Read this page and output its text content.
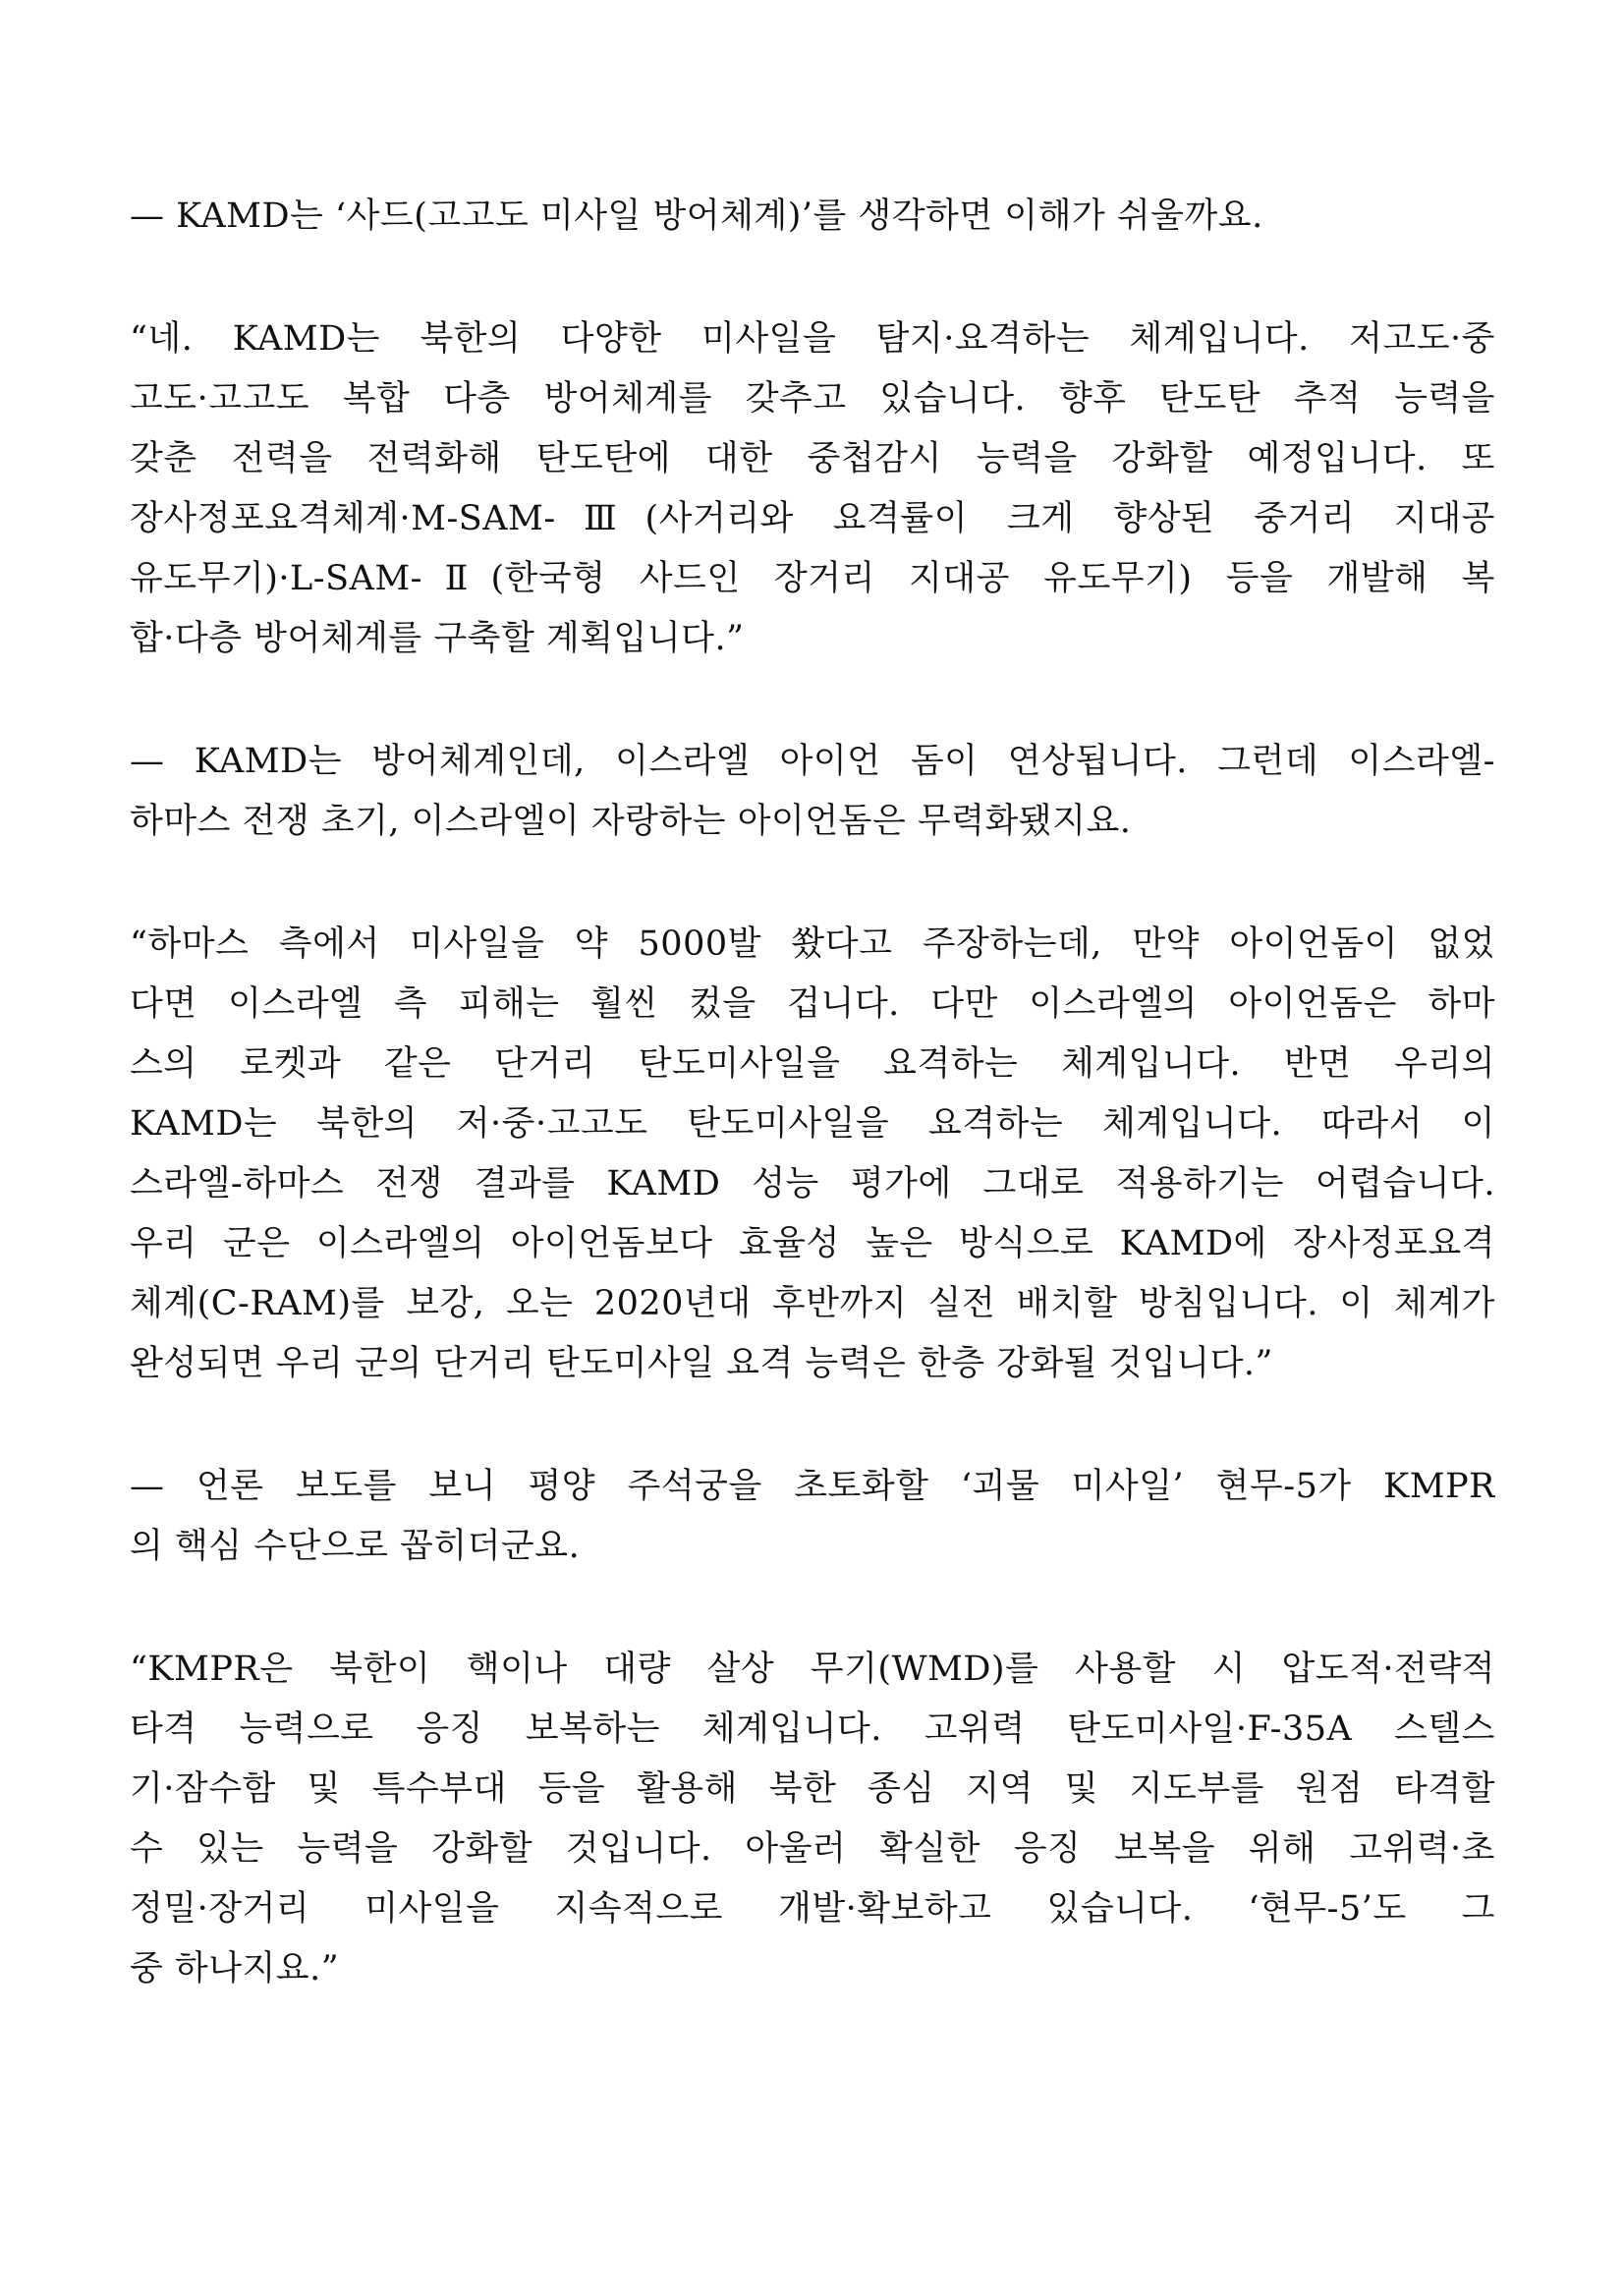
— KAMD는 ‘사드(고고도 미사일 방어체계)’를 생각하면 이해가 쉬울까요.
“네. KAMD는 북한의 다양한 미사일을 탐지·요격하는 체계입니다. 저고도·중
고도·고고도 복합 다층 방어체계를 갖추고 있습니다. 향후 탄도탄 추적 능력을
갖춘 전력을 전력화해 탄도탄에 대한 중첩감시 능력을 강화할 예정입니다. 또
장사정포요격체계·M-SAM-Ⅲ(사거리와 요격률이 크게 향상된 중거리 지대공
유도무기)·L-SAM-Ⅱ(한국형 사드인 장거리 지대공 유도무기) 등을 개발해 복
합·다층 방어체계를 구축할 계획입니다.”
— KAMD는 방어체계인데, 이스라엘 아이언 돔이 연상됩니다. 그런데 이스라엘-
하마스 전쟁 초기, 이스라엘이 자랑하는 아이언돔은 무력화됐지요.
“하마스 측에서 미사일을 약 5000발 쐈다고 주장하는데, 만약 아이언돔이 없었
다면 이스라엘 측 피해는 훨씬 컸을 겁니다. 다만 이스라엘의 아이언돔은 하마
스의 로켓과 같은 단거리 탄도미사일을 요격하는 체계입니다. 반면 우리의
KAMD는 북한의 저·중·고고도 탄도미사일을 요격하는 체계입니다. 따라서 이
스라엘-하마스 전쟁 결과를 KAMD 성능 평가에 그대로 적용하기는 어렵습니다.
우리 군은 이스라엘의 아이언돔보다 효율성 높은 방식으로 KAMD에 장사정포요격
체계(C-RAM)를 보강, 오는 2020년대 후반까지 실전 배치할 방침입니다. 이 체계가
완성되면 우리 군의 단거리 탄도미사일 요격 능력은 한층 강화될 것입니다.”
— 언론 보도를 보니 평양 주석궁을 초토화할 ‘괴물 미사일’ 현무-5가 KMPR
의 핵심 수단으로 꼽히더군요.
“KMPR은 북한이 핵이나 대량 살상 무기(WMD)를 사용할 시 압도적·전략적
타격 능력으로 응징 보복하는 체계입니다. 고위력 탄도미사일·F-35A 스텔스
기·잠수함 및 특수부대 등을 활용해 북한 종심 지역 및 지도부를 원점 타격할
수 있는 능력을 강화할 것입니다. 아울러 확실한 응징 보복을 위해 고위력·초
정밀·장거리 미사일을 지속적으로 개발·확보하고 있습니다. ‘현무-5’도 그
중 하나지요.”
